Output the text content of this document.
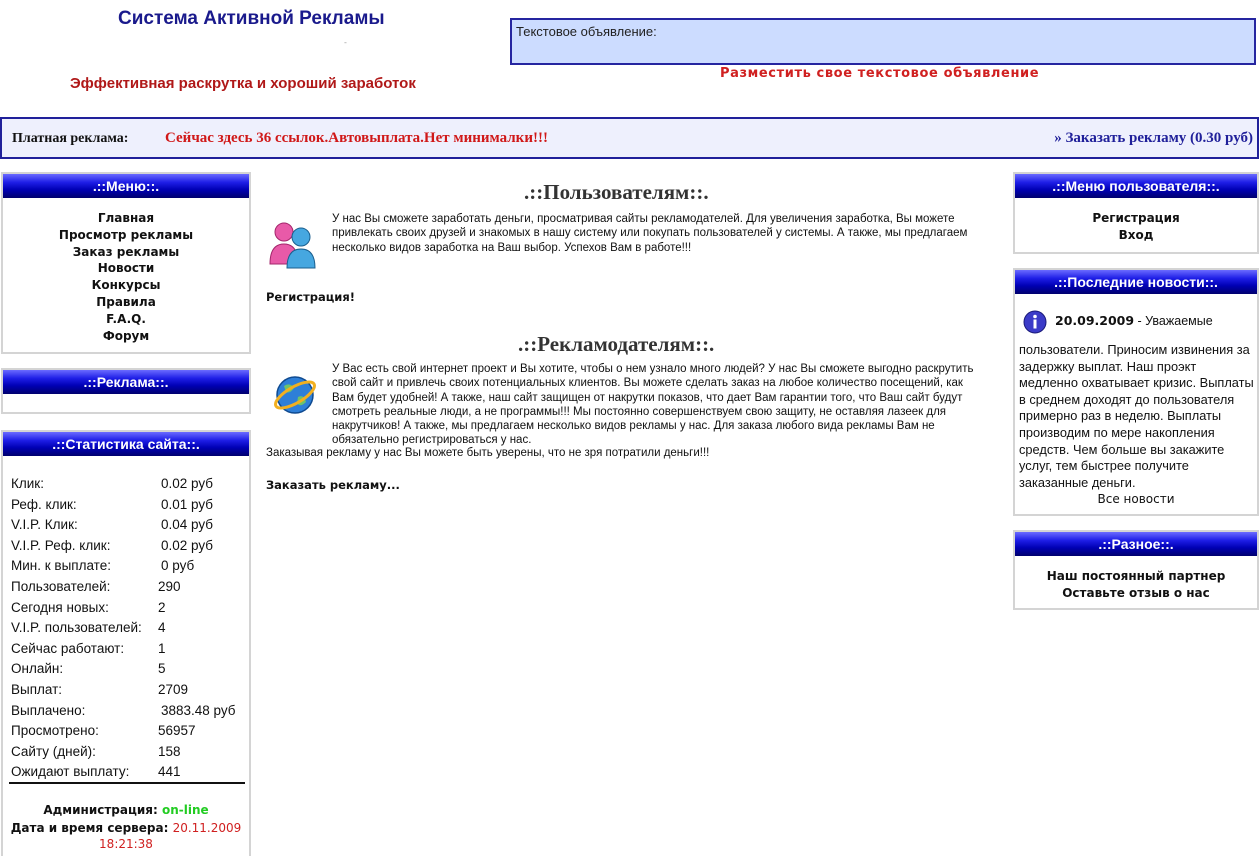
Система Активной Рекламы
-
Эффективная раскрутка и хороший заработок
Текстовое объявление:
Разместить свое текстовое объявление
Платная реклама: Сейчас здесь 36 ссылок.Автовыплата.Нет минималки!!!	» Заказать рекламу (0.30 руб)
.::Меню::.
Главная
Просмотр рекламы
Заказ рекламы
Новости
Конкурсы
Правила
F.A.Q.
Форум
.::Реклама::.
.::Статистика сайта::.
Клик:	0.02 руб
Реф. клик:	0.01 руб
V.I.P. Клик:	0.04 руб
V.I.P. Реф. клик:	0.02 руб
Мин. к выплате:	0 руб
Пользователей:	290
Сегодня новых:	2
V.I.P. пользователей: 4
Сейчас работают:	1
Онлайн:	5
Выплат:	2709
Выплачено:	3883.48 руб
Просмотрено:	56957
Сайту (дней):	158
Ожидают выплату: 441
Администрация: on-line
Дата и время сервера: 20.11.2009
18:21:38
.::Пользователям::.
У нас Вы сможете заработать деньги, просматривая сайты рекламодателей. Для увеличения заработка, Вы можете привлекать своих друзей и знакомых в нашу систему или покупать пользователей у системы. А также, мы предлагаем несколько видов заработка на Ваш выбор. Успехов Вам в работе!!!
Регистрация!
.::Рекламодателям::.
У Вас есть свой интернет проект и Вы хотите, чтобы о нем узнало много людей? У нас Вы сможете выгодно раскрутить свой сайт и привлечь своих потенциальных клиентов. Вы можете сделать заказ на любое количество посещений, как Вам будет удобней! А также, наш сайт защищен от накрутки показов, что дает Вам гарантии того, что Ваш сайт будут смотреть реальные люди, а не программы!!! Мы постоянно совершенствуем свою защиту, не оставляя лазеек для накрутчиков! А также, мы предлагаем несколько видов рекламы у нас. Для заказа любого вида рекламы Вам не обязательно регистрироваться у нас.
Заказывая рекламу у нас Вы можете быть уверены, что не зря потратили деньги!!!
Заказать рекламу...
.::Меню пользователя::.
Регистрация
Вход
.::Последние новости::.
20.09.2009 - Уважаемые
пользователи. Приносим извинения за задержку выплат. Наш проэкт медленно охватывает кризис. Выплаты в среднем доходят до пользователя примерно раз в неделю. Выплаты производим по мере накопления средств. Чем больше вы закажите услуг, тем быстрее получите заказанные деньги.
Все новости
.::Разное::.
Наш постоянный партнер
Оставьте отзыв о нас
